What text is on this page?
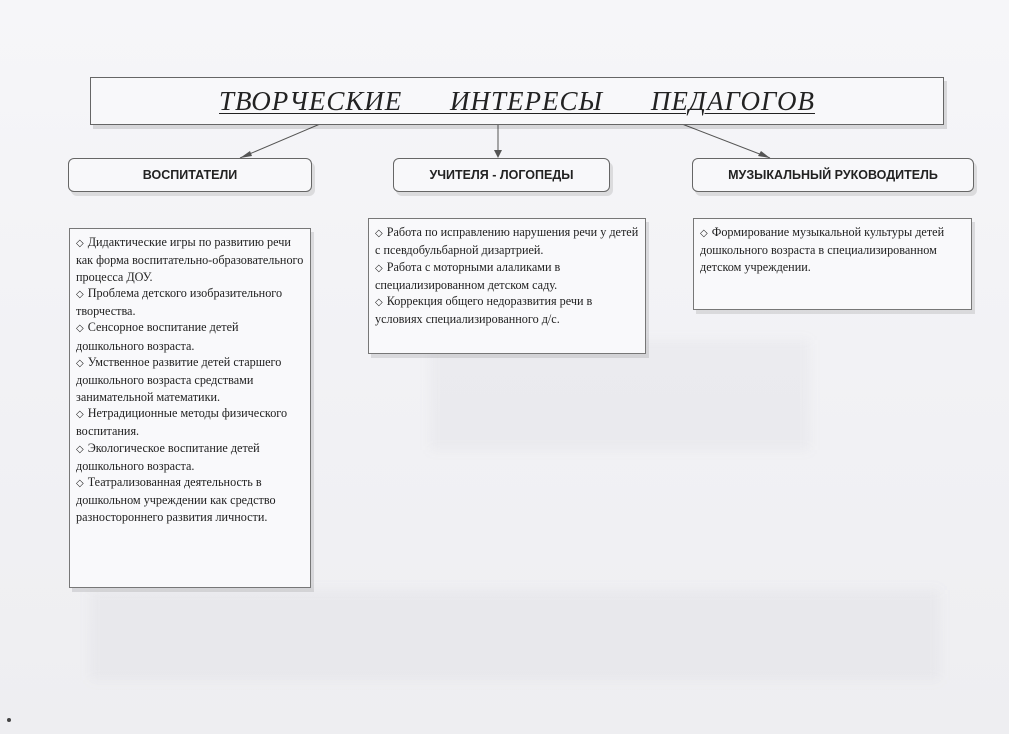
ТВОРЧЕСКИЕ ИНТЕРЕСЫ ПЕДАГОГОВ
ВОСПИТАТЕЛИ	УЧИТЕЛЯ - ЛОГОПЕДЫ	МУЗЫКАЛЬНЫЙ РУКОВОДИТЕЛЬ

◇ Дидактические игры по развитию речи как форма воспитательно-образовательного процесса ДОУ.

◇ Проблема детского изобразительного творчества.

◇ Сенсорное воспитание детей дошкольного возраста.

◇ Умственное развитие детей старшего дошкольного возраста средствами занимательной математики.

◇ Нетрадиционные методы физического воспитания.

◇ Экологическое воспитание детей дошкольного возраста.

◇ Театрализованная деятельность в дошкольном учреждении как средство разностороннего развития личности.

◇ Работа по исправлению нарушения речи у детей с псевдобульбарной дизартрией.

◇ Работа с моторными алаликами в специализированном детском саду.

◇ Коррекция общего недоразвития речи в условиях специализированного д/с.

◇ Формирование музыкальной культуры детей дошкольного возраста в специализированном детском учреждении.
